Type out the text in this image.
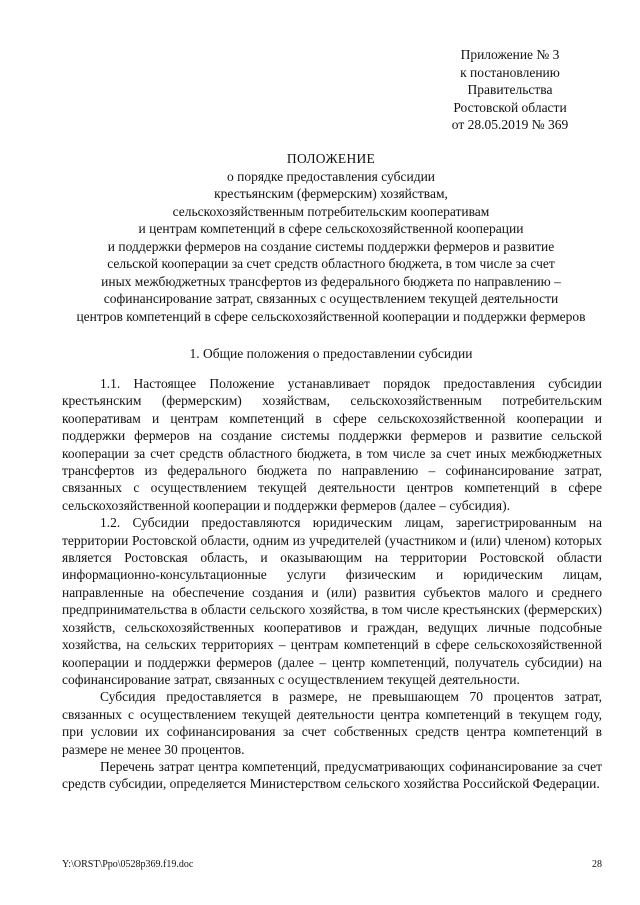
Приложение № 3
к постановлению
Правительства
Ростовской области
от 28.05.2019 № 369
ПОЛОЖЕНИЕ
о порядке предоставления субсидии
крестьянским (фермерским) хозяйствам,
сельскохозяйственным потребительским кооперативам
и центрам компетенций в сфере сельскохозяйственной кооперации
и поддержки фермеров на создание системы поддержки фермеров и развитие
сельской кооперации за счет средств областного бюджета, в том числе за счет
иных межбюджетных трансфертов из федерального бюджета по направлению –
софинансирование затрат, связанных с осуществлением текущей деятельности
центров компетенций в сфере сельскохозяйственной кооперации и поддержки фермеров
1. Общие положения о предоставлении субсидии

1.1. Настоящее Положение устанавливает порядок предоставления субсидии крестьянским (фермерским) хозяйствам, сельскохозяйственным потребительским кооперативам и центрам компетенций в сфере сельскохозяйственной кооперации и поддержки фермеров на создание системы поддержки фермеров и развитие сельской кооперации за счет средств областного бюджета, в том числе за счет иных межбюджетных трансфертов из федерального бюджета по направлению – софинансирование затрат, связанных с осуществлением текущей деятельности центров компетенций в сфере сельскохозяйственной кооперации и поддержки фермеров (далее – субсидия).

1.2. Субсидии предоставляются юридическим лицам, зарегистрированным на территории Ростовской области, одним из учредителей (участником и (или) членом) которых является Ростовская область, и оказывающим на территории Ростовской области информационно-консультационные услуги физическим и юридическим лицам, направленные на обеспечение создания и (или) развития субъектов малого и среднего предпринимательства в области сельского хозяйства, в том числе крестьянских (фермерских) хозяйств, сельскохозяйственных кооперативов и граждан, ведущих личные подсобные хозяйства, на сельских территориях – центрам компетенций в сфере сельскохозяйственной кооперации и поддержки фермеров (далее – центр компетенций, получатель субсидии) на софинансирование затрат, связанных с осуществлением текущей деятельности.

Субсидия предоставляется в размере, не превышающем 70 процентов затрат, связанных с осуществлением текущей деятельности центра компетенций в текущем году, при условии их софинансирования за счет собственных средств центра компетенций в размере не менее 30 процентов.

Перечень затрат центра компетенций, предусматривающих софинансирование за счет средств субсидии, определяется Министерством сельского хозяйства Российской Федерации.

Y:\ORST\Ppo\0528p369.f19.doc	28
